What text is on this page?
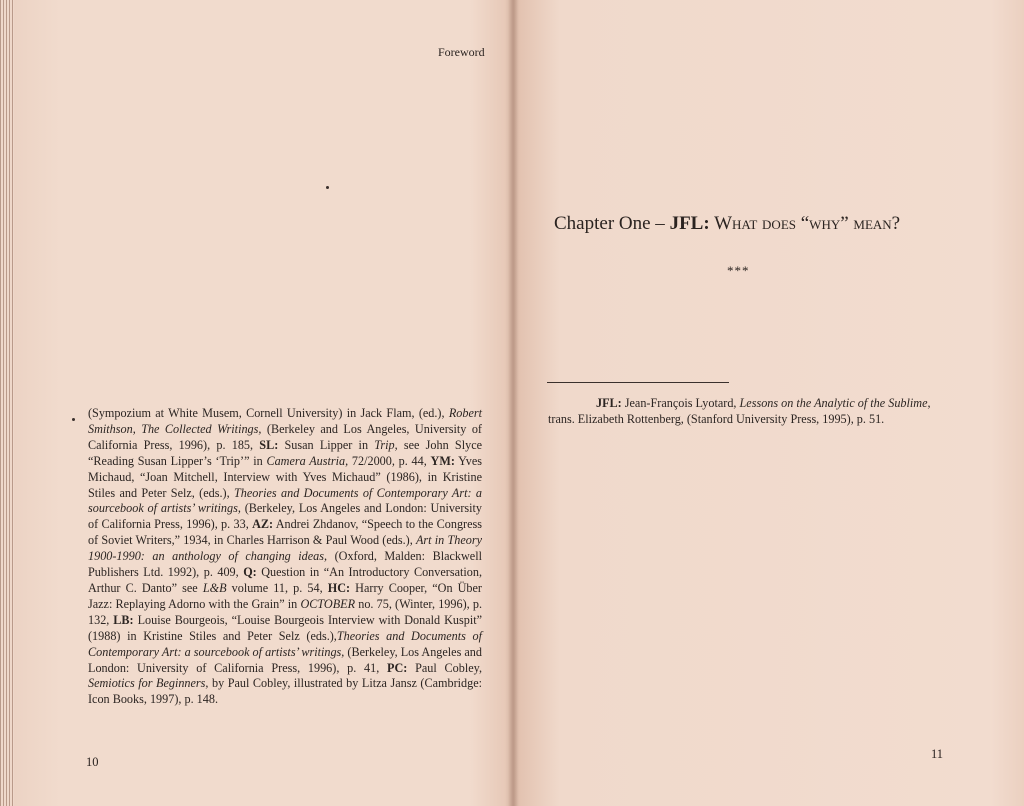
Foreword

(Sympozium at White Musem, Cornell University) in Jack Flam, (ed.), Robert Smithson, The Collected Writings, (Berkeley and Los Angeles, University of California Press, 1996), p. 185, SL: Susan Lipper in Trip, see John Slyce “Reading Susan Lipper’s ‘Trip’” in Camera Austria, 72/2000, p. 44, YM: Yves Michaud, “Joan Mitchell, Interview with Yves Michaud” (1986), in Kristine Stiles and Peter Selz, (eds.), Theories and Documents of Contemporary Art: a sourcebook of artists’ writings, (Berkeley, Los Angeles and London: University of California Press, 1996), p. 33, AZ: Andrei Zhdanov, “Speech to the Congress of Soviet Writers,” 1934, in Charles Harrison & Paul Wood (eds.), Art in Theory 1900-1990: an anthology of changing ideas, (Oxford, Malden: Blackwell Publishers Ltd. 1992), p. 409, Q: Question in “An Introductory Conversation, Arthur C. Danto” see L&B volume 11, p. 54, HC: Harry Cooper, “On Über Jazz: Replaying Adorno with the Grain” in OCTOBER no. 75, (Winter, 1996), p. 132, LB: Louise Bourgeois, “Louise Bourgeois Interview with Donald Kuspit” (1988) in Kristine Stiles and Peter Selz (eds.),Theories and Documents of Contemporary Art: a sourcebook of artists’ writings, (Berkeley, Los Angeles and London: University of California Press, 1996), p. 41, PC: Paul Cobley, Semiotics for Beginners, by Paul Cobley, illustrated by Litza Jansz (Cambridge: Icon Books, 1997), p. 148.

10
Chapter One – JFL: What does “why” mean?
***

JFL: Jean-François Lyotard, Lessons on the Analytic of the Sublime, trans. Elizabeth Rottenberg, (Stanford University Press, 1995), p. 51.

11
